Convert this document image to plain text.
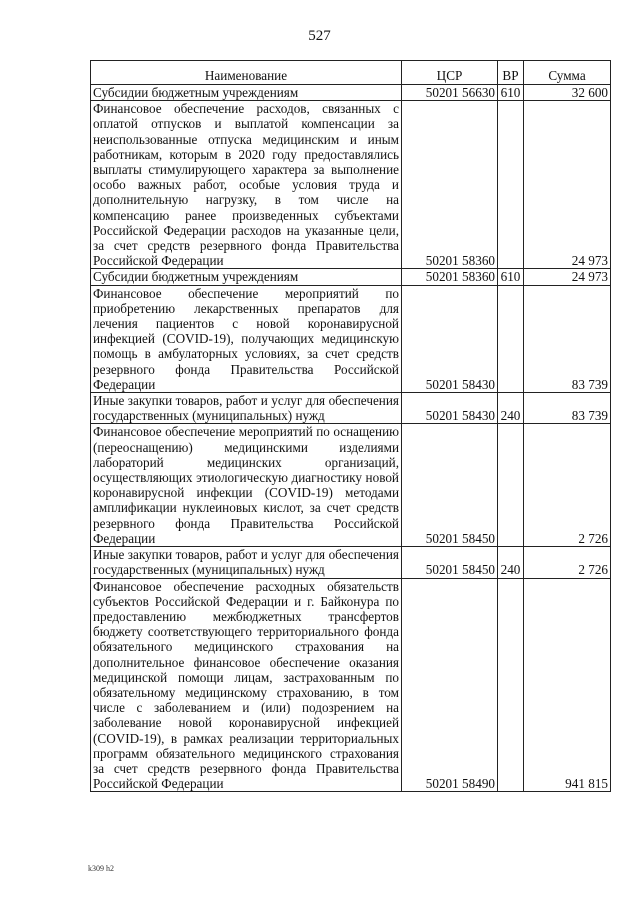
527
Наименование	ЦСР	ВР	Сумма
Субсидии бюджетным учреждениям	50201 56630	610	32 600
Финансовое обеспечение расходов, связанных с оплатой отпусков и выплатой компенсации за неиспользованные отпуска медицинским и иным работникам, которым в 2020 году предоставлялись выплаты стимулирующего характера за выполнение особо важных работ, особые условия труда и дополнительную нагрузку, в том числе на компенсацию ранее произведенных субъектами Российской Федерации расходов на указанные цели, за счет средств резервного фонда Правительства Российской Федерации	50201 58360		24 973
Субсидии бюджетным учреждениям	50201 58360	610	24 973
Финансовое обеспечение мероприятий по приобретению лекарственных препаратов для лечения пациентов с новой коронавирусной инфекцией (COVID-19), получающих медицинскую помощь в амбулаторных условиях, за счет средств резервного фонда Правительства Российской Федерации	50201 58430		83 739
Иные закупки товаров, работ и услуг для обеспечения государственных (муниципальных) нужд	50201 58430	240	83 739
Финансовое обеспечение мероприятий по оснащению (переоснащению) медицинскими изделиями лабораторий медицинских организаций, осуществляющих этиологическую диагностику новой коронавирусной инфекции (COVID-19) методами амплификации нуклеиновых кислот, за счет средств резервного фонда Правительства Российской Федерации	50201 58450		2 726
Иные закупки товаров, работ и услуг для обеспечения государственных (муниципальных) нужд	50201 58450	240	2 726
Финансовое обеспечение расходных обязательств субъектов Российской Федерации и г. Байконура по предоставлению межбюджетных трансфертов бюджету соответствующего территориального фонда обязательного медицинского страхования на дополнительное финансовое обеспечение оказания медицинской помощи лицам, застрахованным по обязательному медицинскому страхованию, в том числе с заболеванием и (или) подозрением на заболевание новой коронавирусной инфекцией (COVID-19), в рамках реализации территориальных программ обязательного медицинского страхования за счет средств резервного фонда Правительства Российской Федерации	50201 58490		941 815
k309 h2
